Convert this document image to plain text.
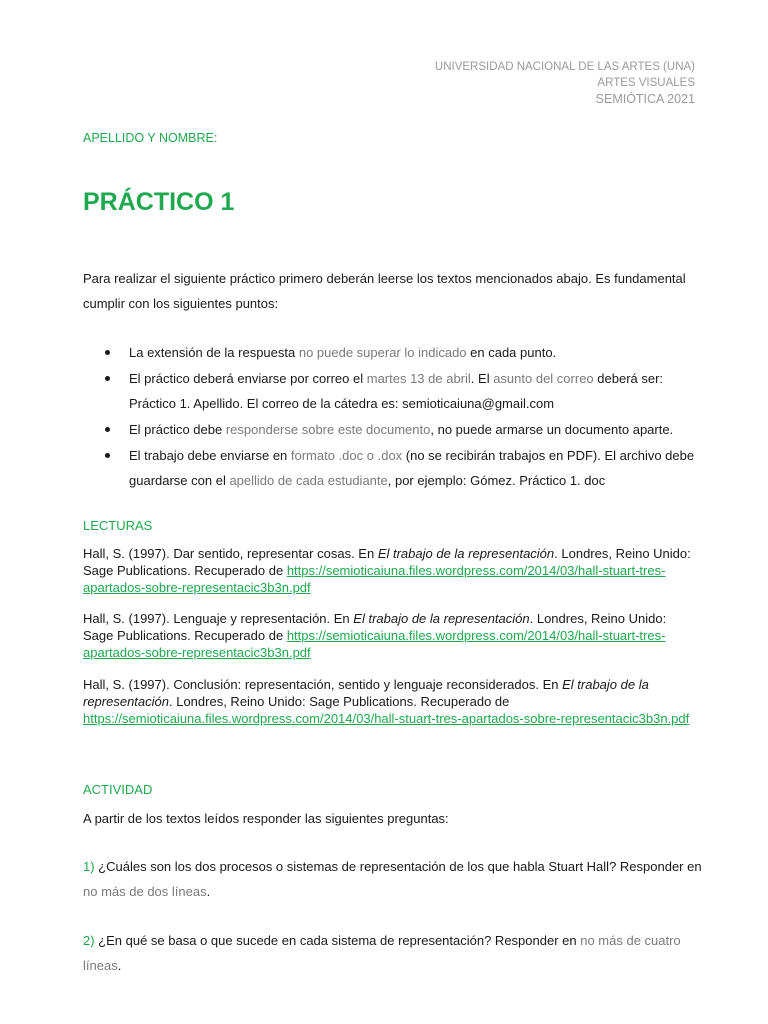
UNIVERSIDAD NACIONAL DE LAS ARTES (UNA)
ARTES VISUALES
SEMIÓTICA 2021
APELLIDO Y NOMBRE:
PRÁCTICO 1

Para realizar el siguiente práctico primero deberán leerse los textos mencionados abajo. Es fundamental cumplir con los siguientes puntos:

La extensión de la respuesta no puede superar lo indicado en cada punto.
El práctico deberá enviarse por correo el martes 13 de abril. El asunto del correo deberá ser: Práctico 1. Apellido. El correo de la cátedra es: semioticaiuna@gmail.com
El práctico debe responderse sobre este documento, no puede armarse un documento aparte.
El trabajo debe enviarse en formato .doc o .dox (no se recibirán trabajos en PDF). El archivo debe guardarse con el apellido de cada estudiante, por ejemplo: Gómez. Práctico 1. doc
LECTURAS

Hall, S. (1997). Dar sentido, representar cosas. En El trabajo de la representación. Londres, Reino Unido: Sage Publications. Recuperado de https://semioticaiuna.files.wordpress.com/2014/03/hall-stuart-tres-apartados-sobre-representacic3b3n.pdf

Hall, S. (1997). Lenguaje y representación. En El trabajo de la representación. Londres, Reino Unido: Sage Publications. Recuperado de https://semioticaiuna.files.wordpress.com/2014/03/hall-stuart-tres-apartados-sobre-representacic3b3n.pdf

Hall, S. (1997). Conclusión: representación, sentido y lenguaje reconsiderados. En El trabajo de la representación. Londres, Reino Unido: Sage Publications. Recuperado de https://semioticaiuna.files.wordpress.com/2014/03/hall-stuart-tres-apartados-sobre-representacic3b3n.pdf

ACTIVIDAD

A partir de los textos leídos responder las siguientes preguntas:

1) ¿Cuáles son los dos procesos o sistemas de representación de los que habla Stuart Hall? Responder en no más de dos líneas.

2) ¿En qué se basa o que sucede en cada sistema de representación? Responder en no más de cuatro líneas.
